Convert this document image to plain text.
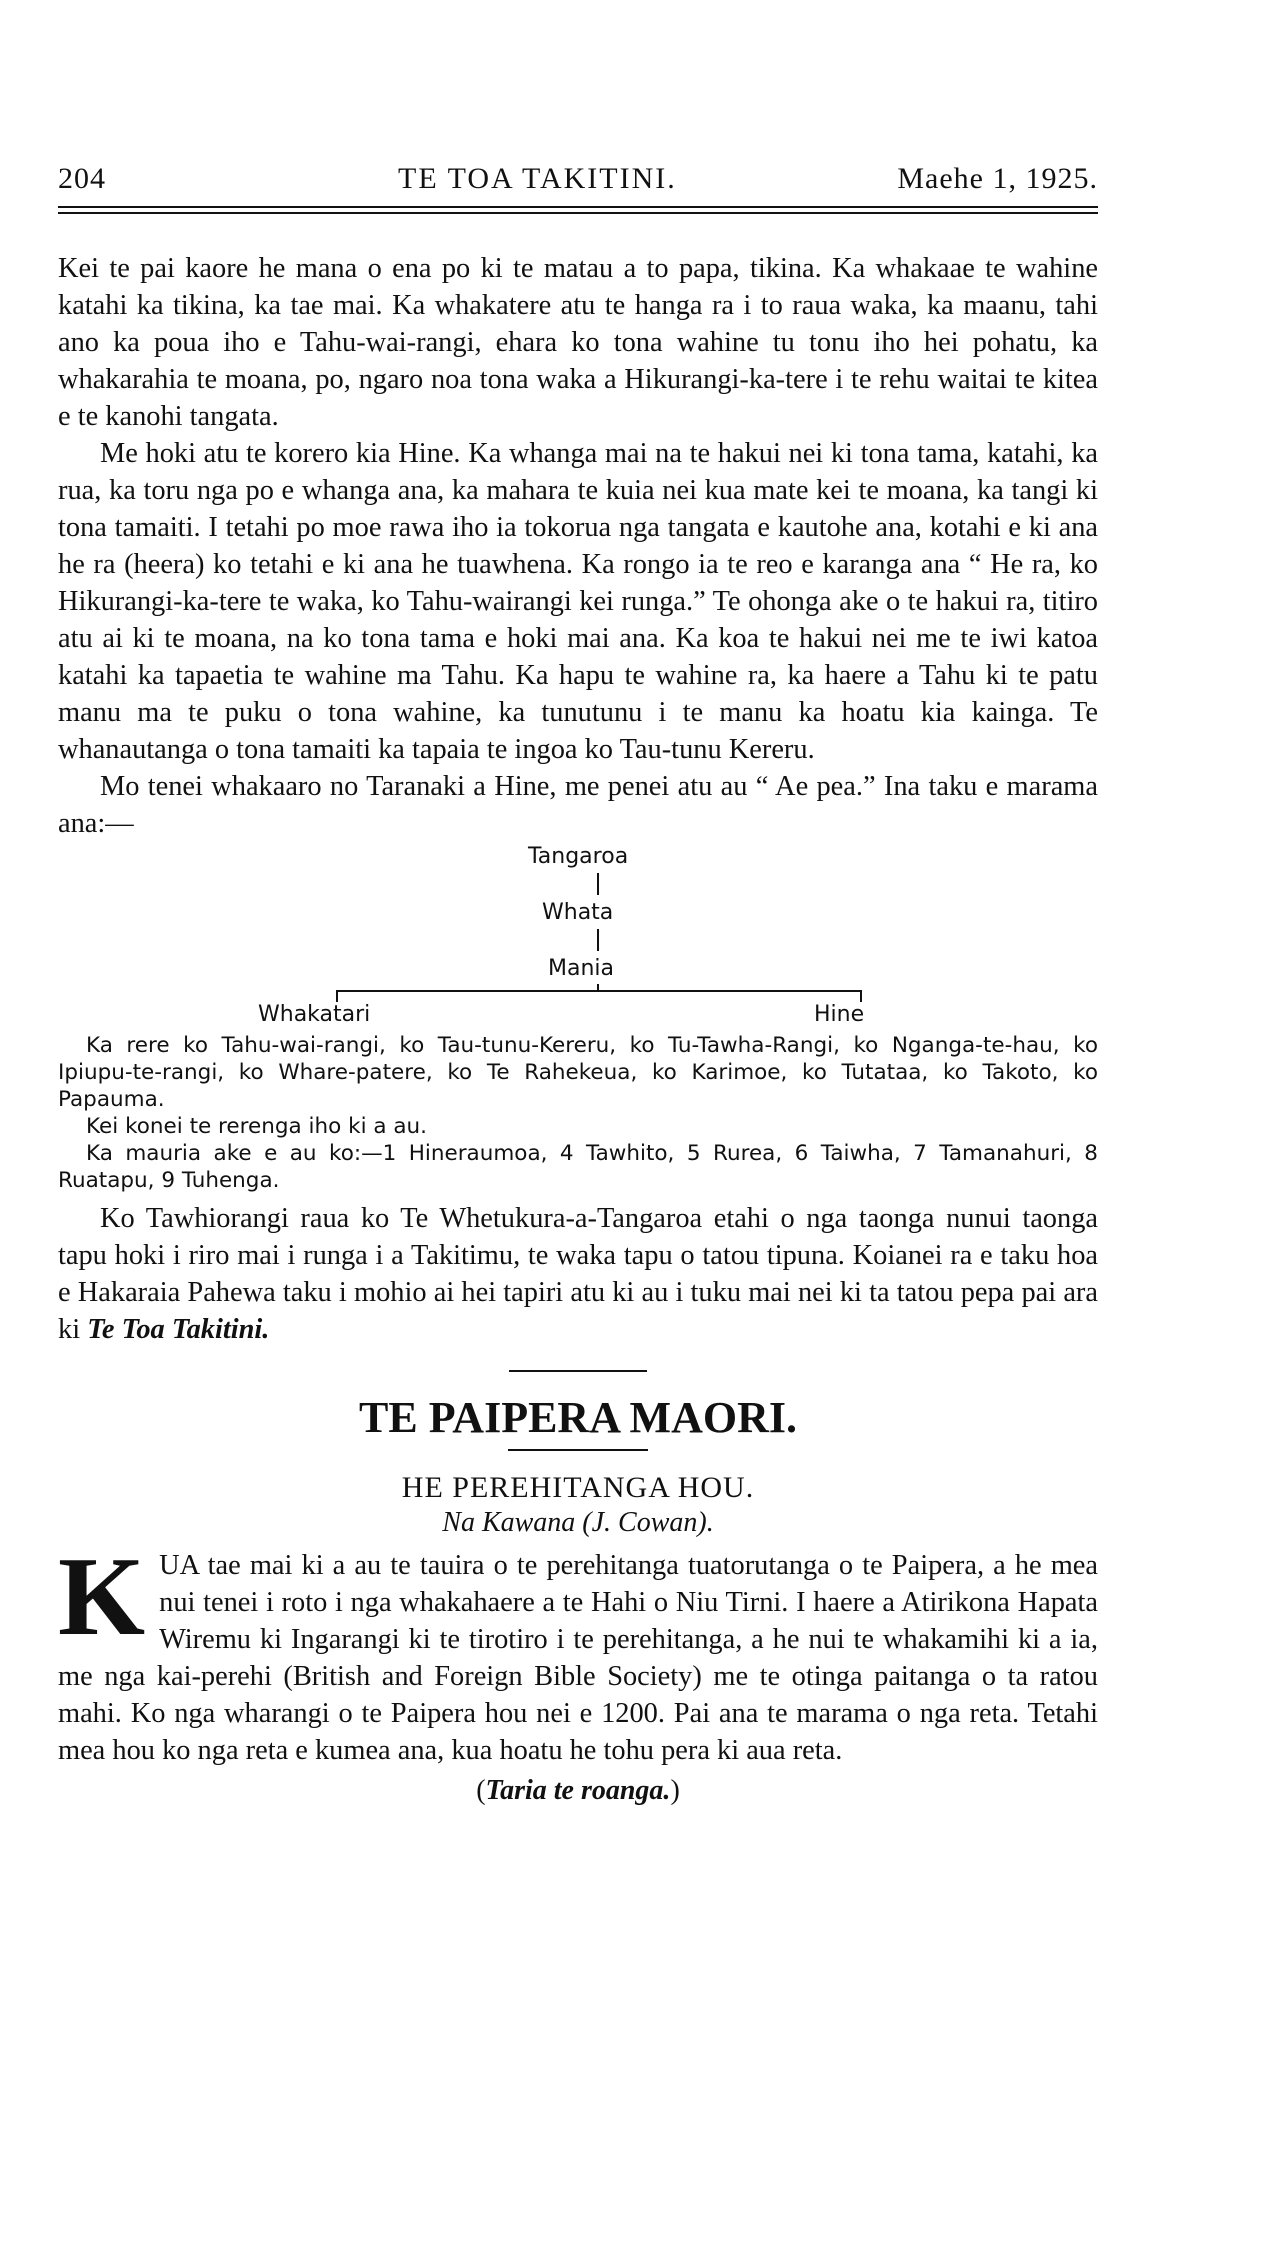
204	TE TOA TAKITINI.	Maehe 1, 1925.

Kei te pai kaore he mana o ena po ki te matau a to papa, tikina. Ka whakaae te wahine katahi ka tikina, ka tae mai. Ka whakatere atu te hanga ra i to raua waka, ka maanu, tahi ano ka poua iho e Tahu-wai-rangi, ehara ko tona wahine tu tonu iho hei pohatu, ka whakarahia te moana, po, ngaro noa tona waka a Hikurangi-ka-tere i te rehu waitai te kitea e te kanohi tangata.

Me hoki atu te korero kia Hine. Ka whanga mai na te hakui nei ki tona tama, katahi, ka rua, ka toru nga po e whanga ana, ka mahara te kuia nei kua mate kei te moana, ka tangi ki tona tamaiti. I tetahi po moe rawa iho ia tokorua nga tangata e kautohe ana, kotahi e ki ana he ra (heera) ko tetahi e ki ana he tuawhena. Ka rongo ia te reo e karanga ana “ He ra, ko Hikurangi-ka-tere te waka, ko Tahu-wairangi kei runga.” Te ohonga ake o te hakui ra, titiro atu ai ki te moana, na ko tona tama e hoki mai ana. Ka koa te hakui nei me te iwi katoa katahi ka tapaetia te wahine ma Tahu. Ka hapu te wahine ra, ka haere a Tahu ki te patu manu ma te puku o tona wahine, ka tunutunu i te manu ka hoatu kia kainga. Te whanautanga o tona tamaiti ka tapaia te ingoa ko Tau-tunu Kereru.

Mo tenei whakaaro no Taranaki a Hine, me penei atu au “ Ae pea.” Ina taku e marama ana:—

Tangaroa
Whata
Mania
Whakatari	Hine

Ka rere ko Tahu-wai-rangi, ko Tau-tunu-Kereru, ko Tu-Tawha-Rangi, ko Nganga-te-hau, ko Ipiupu-te-rangi, ko Whare-patere, ko Te Rahekeua, ko Karimoe, ko Tutataa, ko Takoto, ko Papauma.

Kei konei te rerenga iho ki a au.

Ka mauria ake e au ko:—1 Hineraumoa, 4 Tawhito, 5 Rurea, 6 Taiwha, 7 Tamanahuri, 8 Ruatapu, 9 Tuhenga.

Ko Tawhiorangi raua ko Te Whetukura-a-Tangaroa etahi o nga taonga nunui taonga tapu hoki i riro mai i runga i a Takitimu, te waka tapu o tatou tipuna. Koianei ra e taku hoa e Hakaraia Pahewa taku i mohio ai hei tapiri atu ki au i tuku mai nei ki ta tatou pepa pai ara ki Te Toa Takitini.

TE PAIPERA MAORI.
HE PEREHITANGA HOU.
Na Kawana (J. Cowan).
K UA tae mai ki a au te tauira o te perehitanga tuatorutanga o te Paipera, a he mea nui tenei i roto i nga whakahaere a te Hahi o Niu Tirni. I haere a Atirikona Hapata Wiremu ki Ingarangi ki te tirotiro i te perehitanga, a he nui te whakamihi ki a ia, me nga kai-perehi (British and Foreign Bible Society) me te otinga paitanga o ta ratou mahi. Ko nga wharangi o te Paipera hou nei e 1200. Pai ana te marama o nga reta. Tetahi mea hou ko nga reta e kumea ana, kua hoatu he tohu pera ki aua reta.

(Taria te roanga.)
